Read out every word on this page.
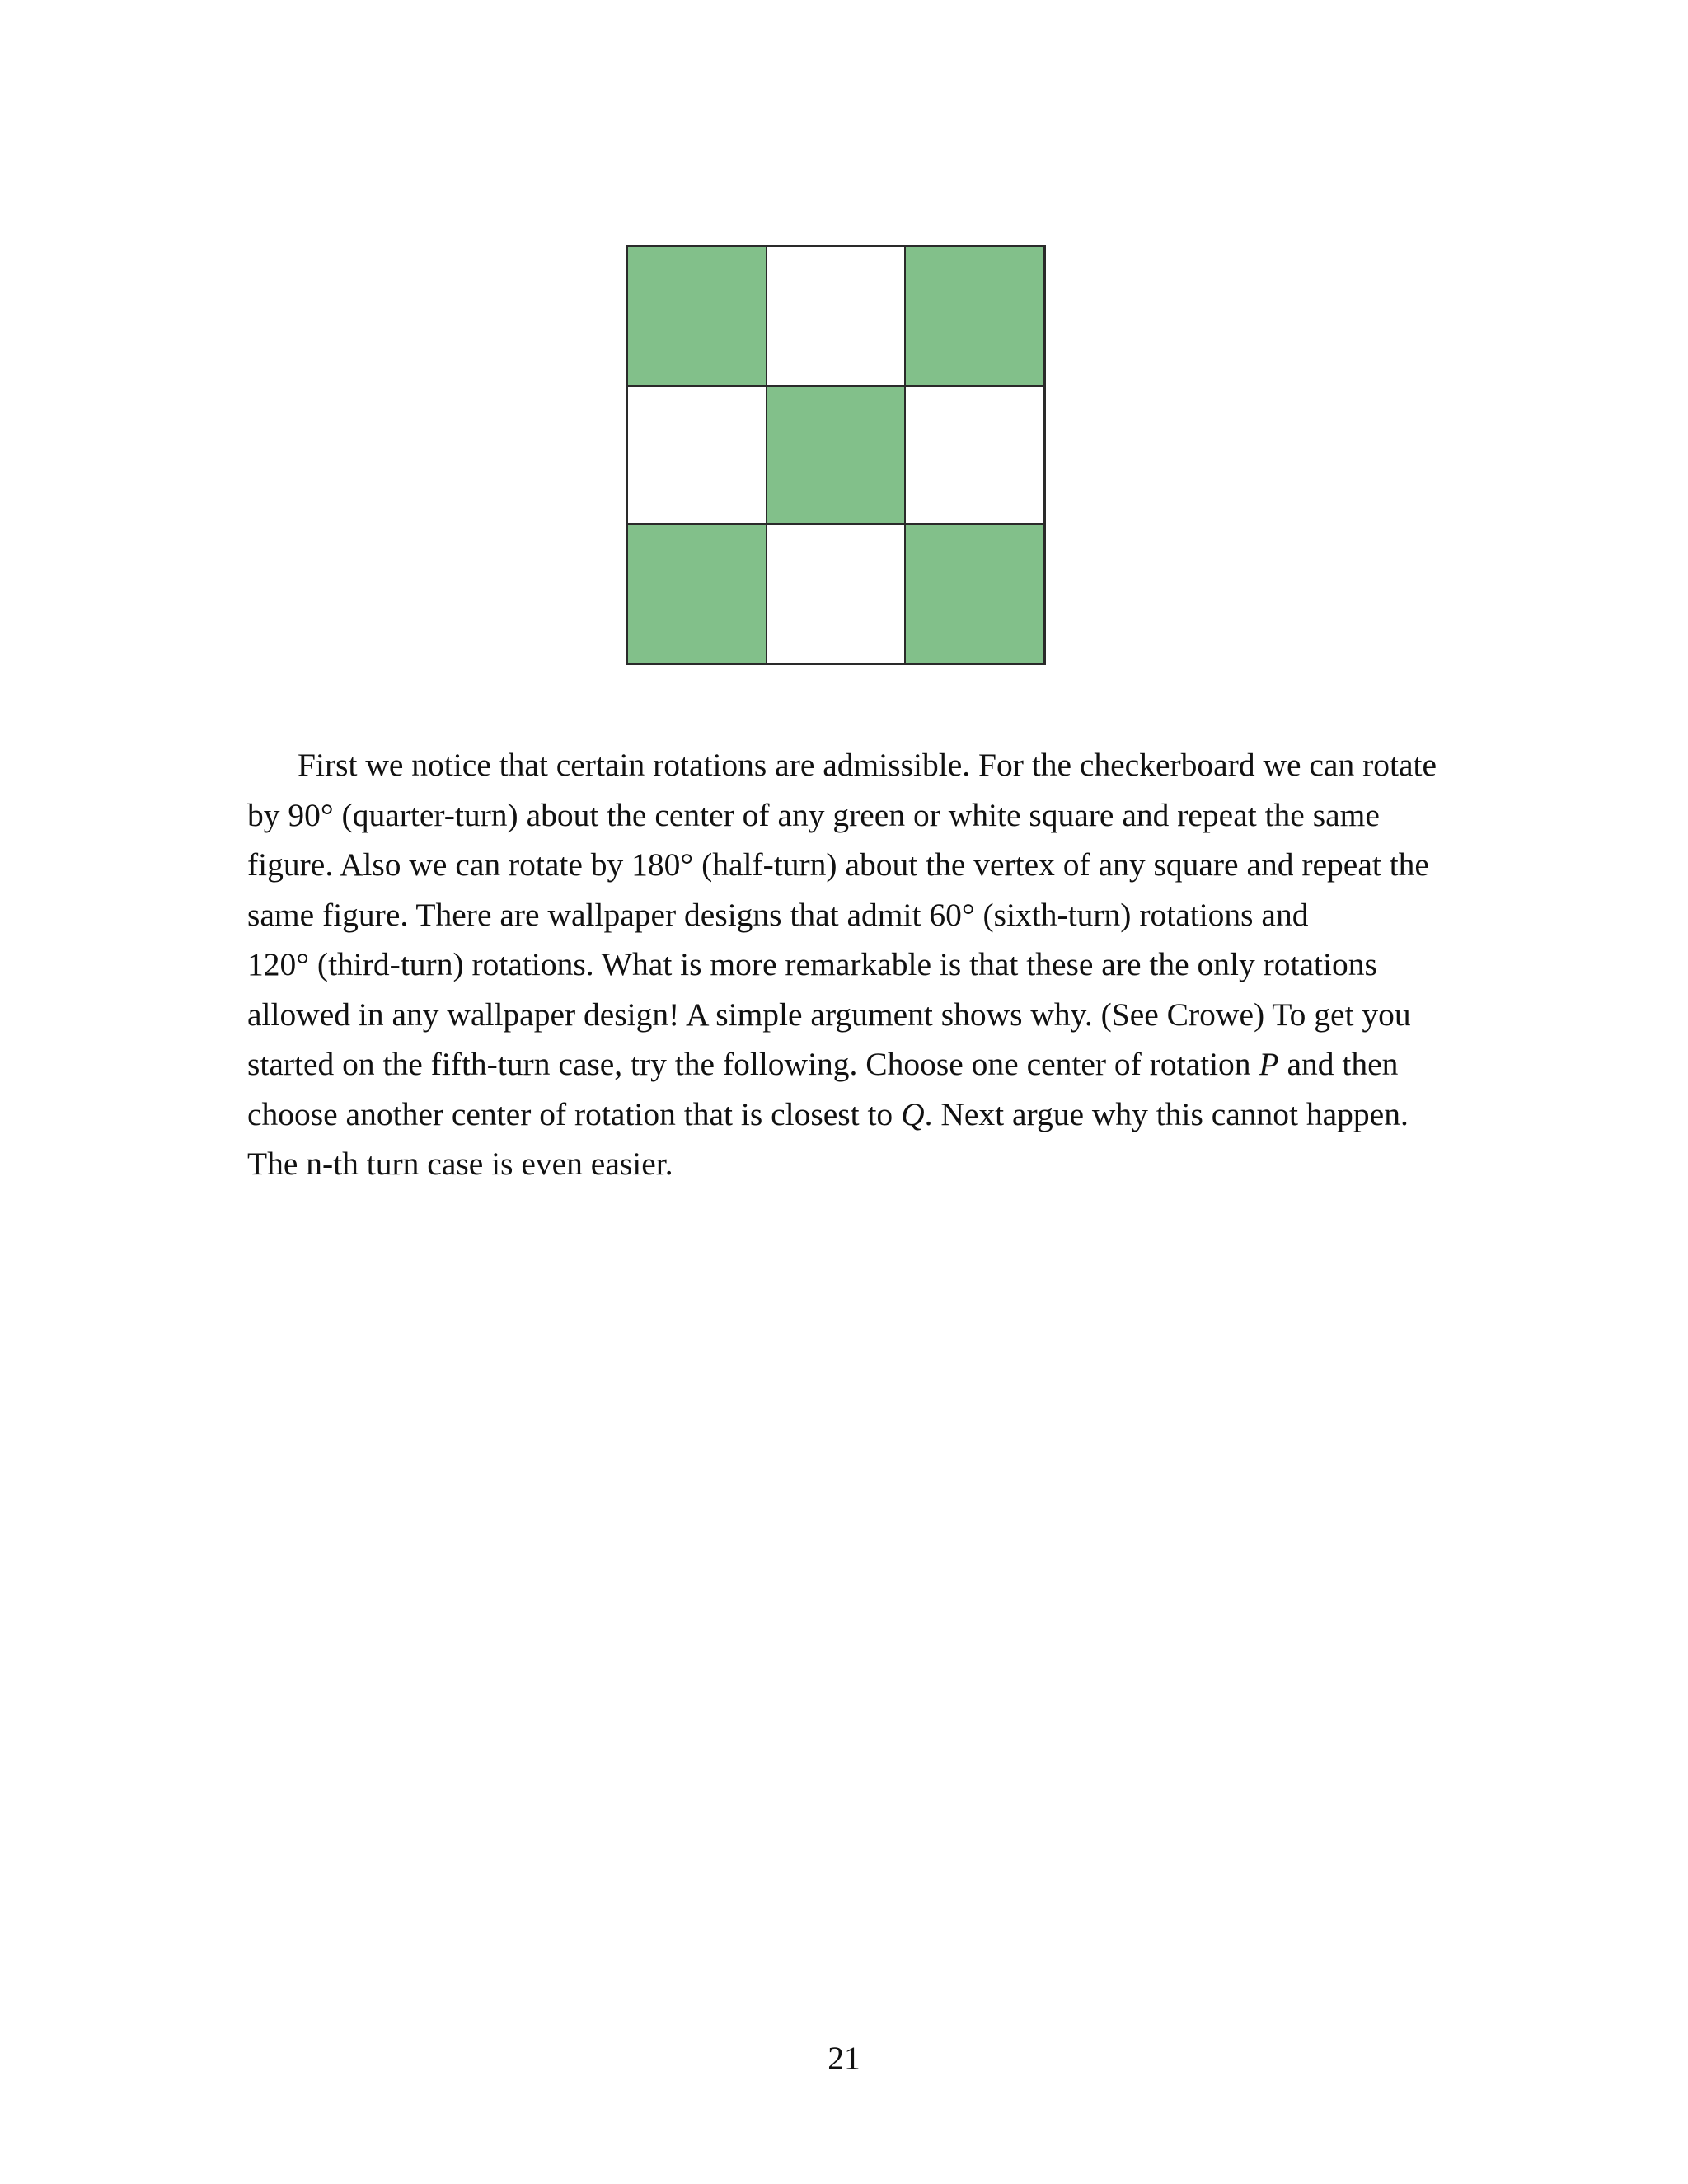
First we notice that certain rotations are admissible. For the checkerboard we can rotate
by 90° (quarter-turn) about the center of any green or white square and repeat the same
figure. Also we can rotate by 180° (half-turn) about the vertex of any square and repeat the
same figure. There are wallpaper designs that admit 60° (sixth-turn) rotations and
120° (third-turn) rotations. What is more remarkable is that these are the only rotations
allowed in any wallpaper design! A simple argument shows why. (See Crowe) To get you
started on the fifth-turn case, try the following. Choose one center of rotation P and then
choose another center of rotation that is closest to Q. Next argue why this cannot happen.
The n-th turn case is even easier.
21
